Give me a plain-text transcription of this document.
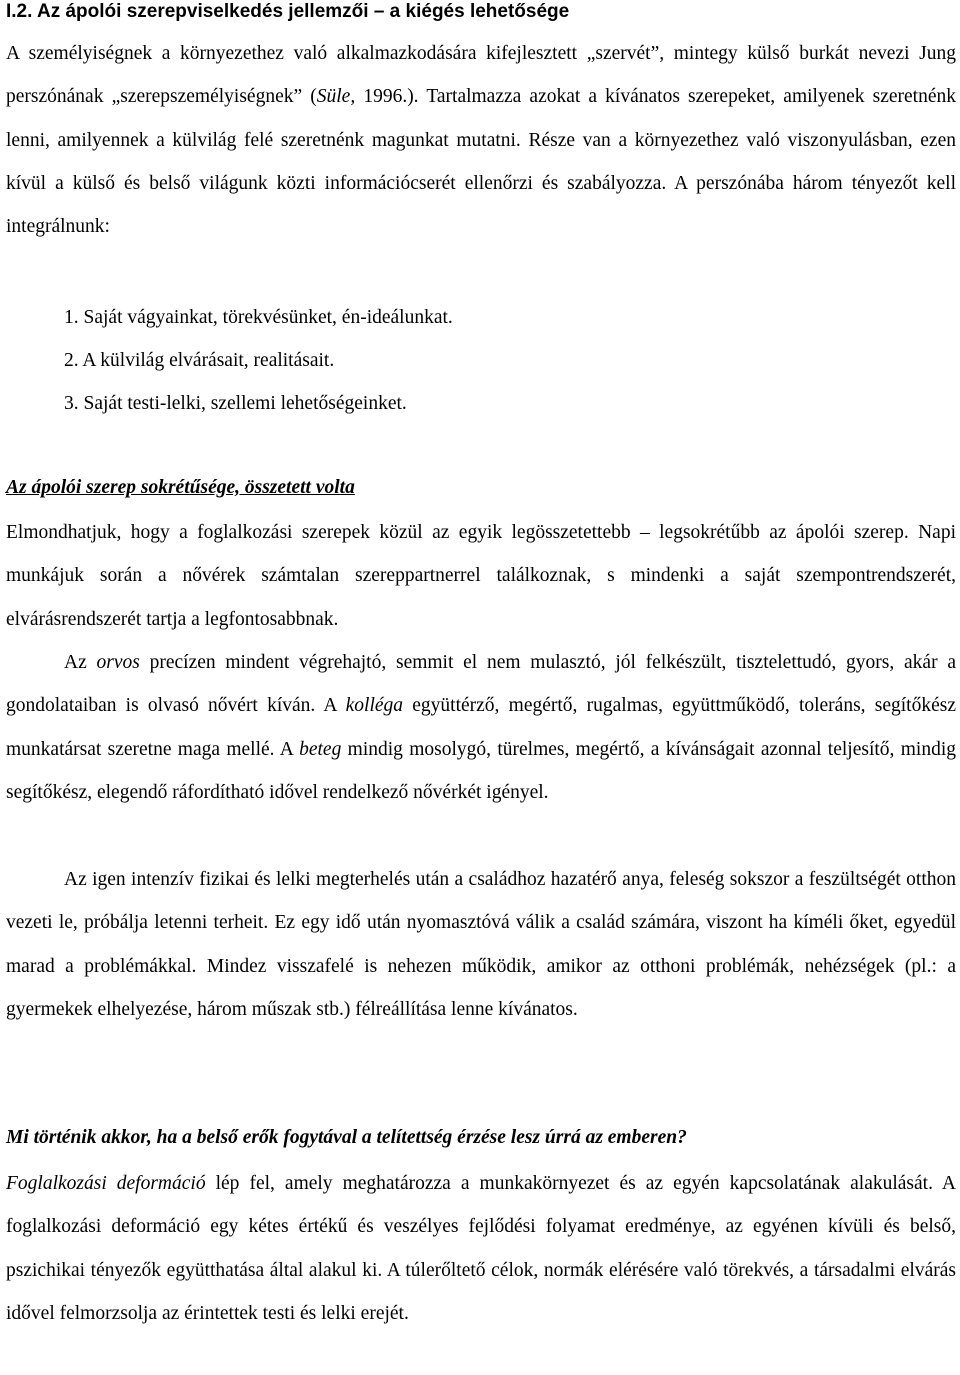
I.2. Az ápolói szerepviselkedés jellemzői – a kiégés lehetősége

A személyiségnek a környezethez való alkalmazkodására kifejlesztett „szervét”, mintegy külső burkát nevezi Jung perszónának „szerepszemélyiségnek” (Süle, 1996.). Tartalmazza azokat a kívánatos szerepeket, amilyenek szeretnénk lenni, amilyennek a külvilág felé szeretnénk magunkat mutatni. Része van a környezethez való viszonyulásban, ezen kívül a külső és belső világunk közti információcserét ellenőrzi és szabályozza. A perszónába három tényezőt kell integrálnunk:

1. Saját vágyainkat, törekvésünket, én-ideálunkat.

2. A külvilág elvárásait, realitásait.

3. Saját testi-lelki, szellemi lehetőségeinket.

Az ápolói szerep sokrétűsége, összetett volta

Elmondhatjuk, hogy a foglalkozási szerepek közül az egyik legösszetettebb – legsokrétűbb az ápolói szerep. Napi munkájuk során a nővérek számtalan szereppartnerrel találkoznak, s mindenki a saját szempontrendszerét, elvárásrendszerét tartja a legfontosabbnak.

Az orvos precízen mindent végrehajtó, semmit el nem mulasztó, jól felkészült, tisztelettudó, gyors, akár a gondolataiban is olvasó nővért kíván. A kolléga együttérző, megértő, rugalmas, együttműködő, toleráns, segítőkész munkatársat szeretne maga mellé. A beteg mindig mosolygó, türelmes, megértő, a kívánságait azonnal teljesítő, mindig segítőkész, elegendő ráfordítható idővel rendelkező nővérkét igényel.

Az igen intenzív fizikai és lelki megterhelés után a családhoz hazatérő anya, feleség sokszor a feszültségét otthon vezeti le, próbálja letenni terheit. Ez egy idő után nyomasztóvá válik a család számára, viszont ha kíméli őket, egyedül marad a problémákkal. Mindez visszafelé is nehezen működik, amikor az otthoni problémák, nehézségek (pl.: a gyermekek elhelyezése, három műszak stb.) félreállítása lenne kívánatos.

Mi történik akkor, ha a belső erők fogytával a telítettség érzése lesz úrrá az emberen?

Foglalkozási deformáció lép fel, amely meghatározza a munkakörnyezet és az egyén kapcsolatának alakulását. A foglalkozási deformáció egy kétes értékű és veszélyes fejlődési folyamat eredménye, az egyénen kívüli és belső, pszichikai tényezők együtthatása által alakul ki. A túlerőltető célok, normák elérésére való törekvés, a társadalmi elvárás idővel felmorzsolja az érintettek testi és lelki erejét.
